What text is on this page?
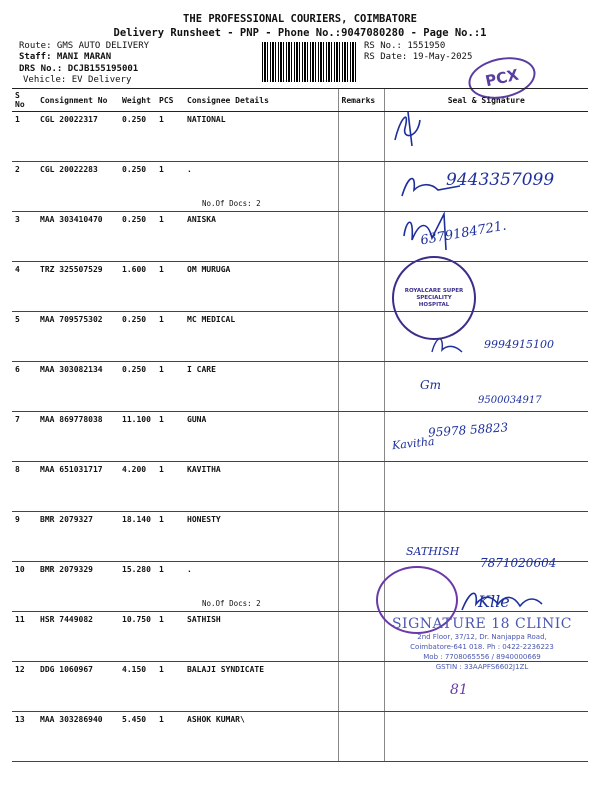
THE PROFESSIONAL COURIERS, COIMBATORE
Delivery Runsheet - PNP - Phone No.:9047080280 - Page No.:1
Route: GMS AUTO DELIVERY
Staff: MANI MARAN
DRS No.: DCJB155195001
Vehicle: EV Delivery
RS No.: 1551950
RS Date: 19-May-2025
PCX
S No	Consignment No	Weight	PCS	Consignee Details	Remarks	Seal & Signature
1	CGL 20022317	0.250	1	NATIONAL		
2	CGL 20022283	0.250	1	.
No.Of Docs: 2		

3	MAA 303410470	0.250	1	ANISKA		
4	TRZ 325507529	1.600	1	OM MURUGA		
5	MAA 709575302	0.250	1	MC MEDICAL		
6	MAA 303082134	0.250	1	I CARE		
7	MAA 869778038	11.100	1	GUNA		
8	MAA 651031717	4.200	1	KAVITHA		
9	BMR 2079327	18.140	1	HONESTY		
10	BMR 2079329	15.280	1	.
No.Of Docs: 2		

11	HSR 7449082	10.750	1	SATHISH		
12	DDG 1060967	4.150	1	BALAJI SYNDICATE		
13	MAA 303286940	5.450	1	ASHOK KUMAR\		
9443357099
6379184721.
9994915100
Gm
9500034917
95978 58823
Kavitha
SATHISH
7871020604
Klle
81
ROYALCARE SUPER SPECIALITY HOSPITAL
SIGNATURE 18 CLINIC
2nd Floor, 37/12, Dr. Nanjappa Road,
Coimbatore-641 018. Ph : 0422-2236223
Mob : 7708065556 / 8940000669
GSTIN : 33AAPFS6602J1ZL
